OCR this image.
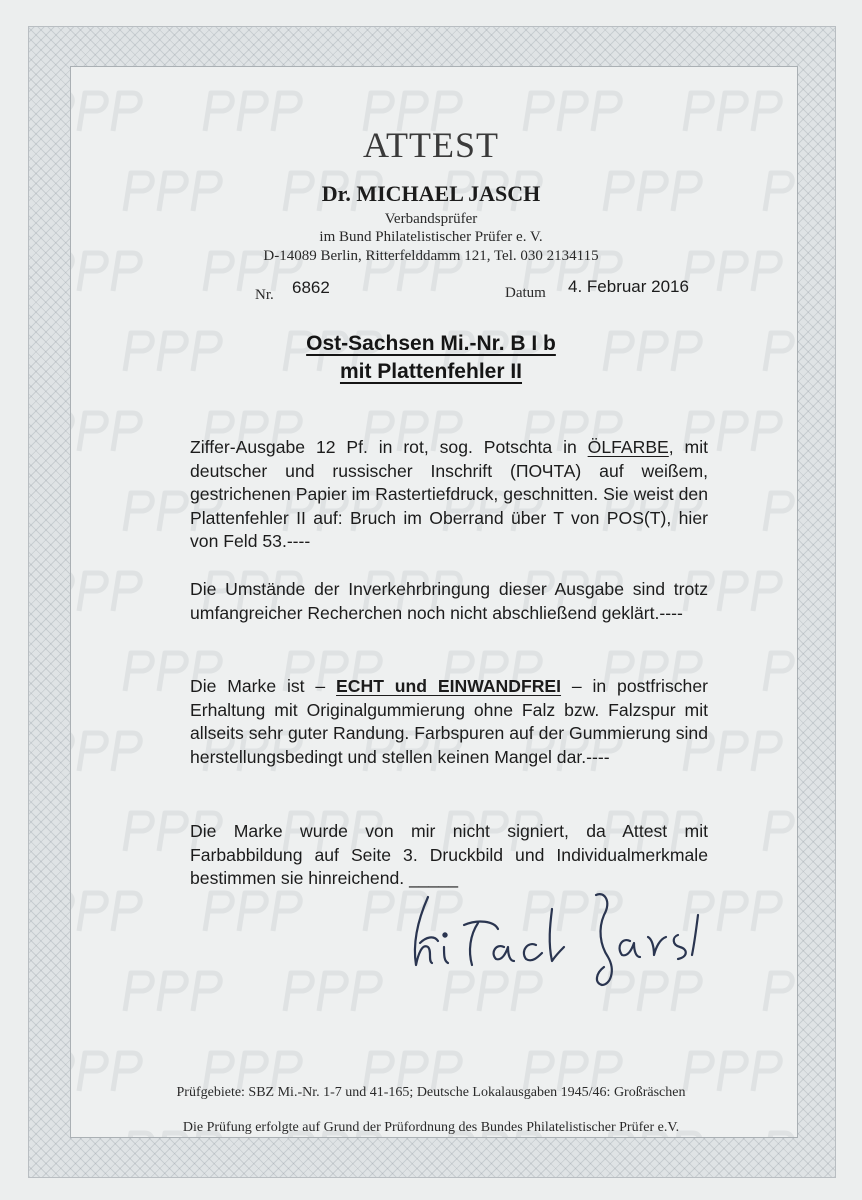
ATTEST
Dr. MICHAEL JASCH
Verbandsprüfer
im Bund Philatelistischer Prüfer e. V.
D-14089 Berlin, Ritterfelddamm 121, Tel. 030 2134115
Nr. 6862	Datum 4. Februar 2016
Ost-Sachsen Mi.-Nr. B I b
mit Plattenfehler II
Ziffer-Ausgabe 12 Pf. in rot, sog. Potschta in ÖLFARBE, mit deutscher und russischer Inschrift (ПОЧТА) auf weißem, gestrichenen Papier im Rastertiefdruck, geschnitten. Sie weist den Plattenfehler II auf: Bruch im Oberrand über T von POS(T), hier von Feld 53.----
Die Umstände der Inverkehrbringung dieser Ausgabe sind trotz umfangreicher Recherchen noch nicht abschließend geklärt.----
Die Marke ist – ECHT und EINWANDFREI – in postfrischer Erhaltung mit Originalgummierung ohne Falz bzw. Falzspur mit allseits sehr guter Randung. Farbspuren auf der Gummierung sind herstellungsbedingt und stellen keinen Mangel dar.----
Die Marke wurde von mir nicht signiert, da Attest mit Farbabbildung auf Seite 3. Druckbild und Individualmerkmale bestimmen sie hinreichend. _____
Prüfgebiete: SBZ Mi.-Nr. 1-7 und 41-165; Deutsche Lokalausgaben 1945/46: Großräschen
Die Prüfung erfolgte auf Grund der Prüfordnung des Bundes Philatelistischer Prüfer e.V.
